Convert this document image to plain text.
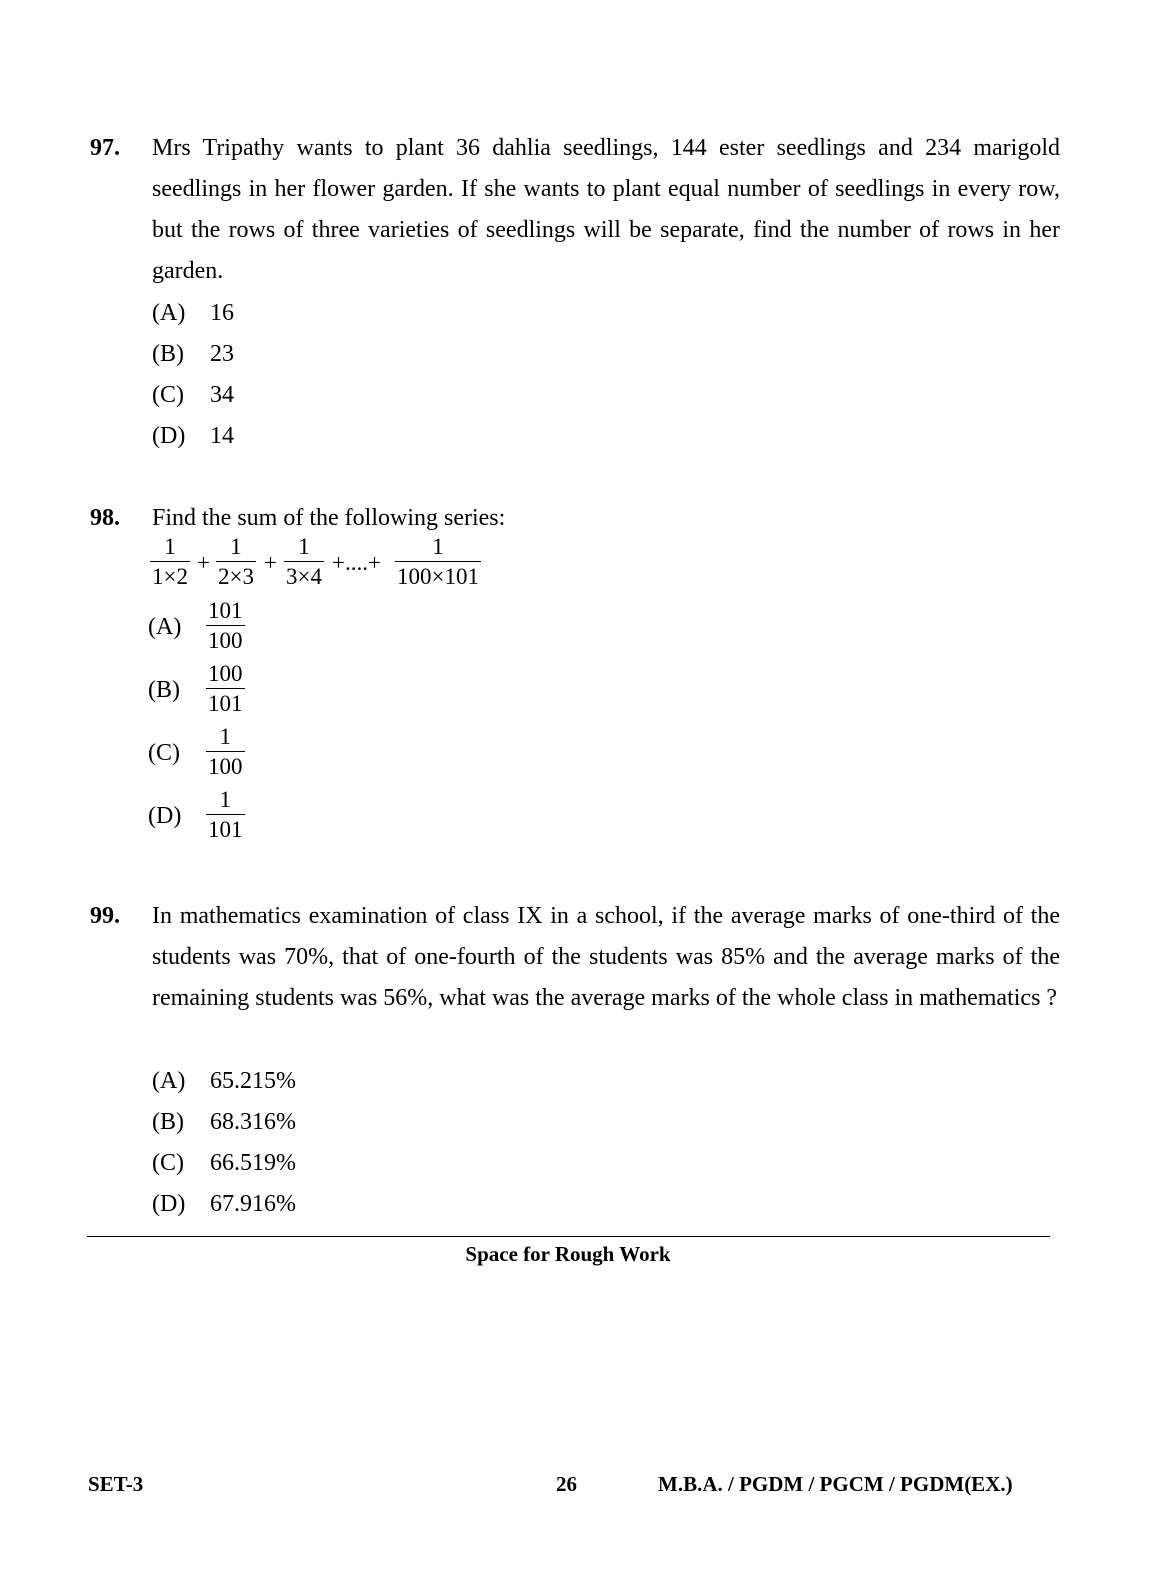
97. Mrs Tripathy wants to plant 36 dahlia seedlings, 144 ester seedlings and 234 marigold seedlings in her flower garden. If she wants to plant equal number of seedlings in every row, but the rows of three varieties of seedlings will be separate, find the number of rows in her garden.
(A) 16
(B) 23
(C) 34
(D) 14
98. Find the sum of the following series:
$\frac{1}{1\times 2} + \frac{1}{2\times 3} + \frac{1}{3\times 4}$ +....+ $\frac{1}{100\times 101}$
$(A) \frac{101}{100}$
$(B) \frac{100}{101}$
$(C) \frac{1}{100}$
$(D) \frac{1}{101}$
99. In mathematics examination of class IX in a school, if the average marks of one-third of the students was 70%, that of one-fourth of the students was 85% and the average marks of the remaining students was 56%, what was the average marks of the whole class in mathematics ?
(A) 65.215%
(B) 68.316%
(C) 66.519%
(D) 67.916%
Space for Rough Work
SET-3	26	M.B.A. / PGDM / PGCM / PGDM(EX.)
